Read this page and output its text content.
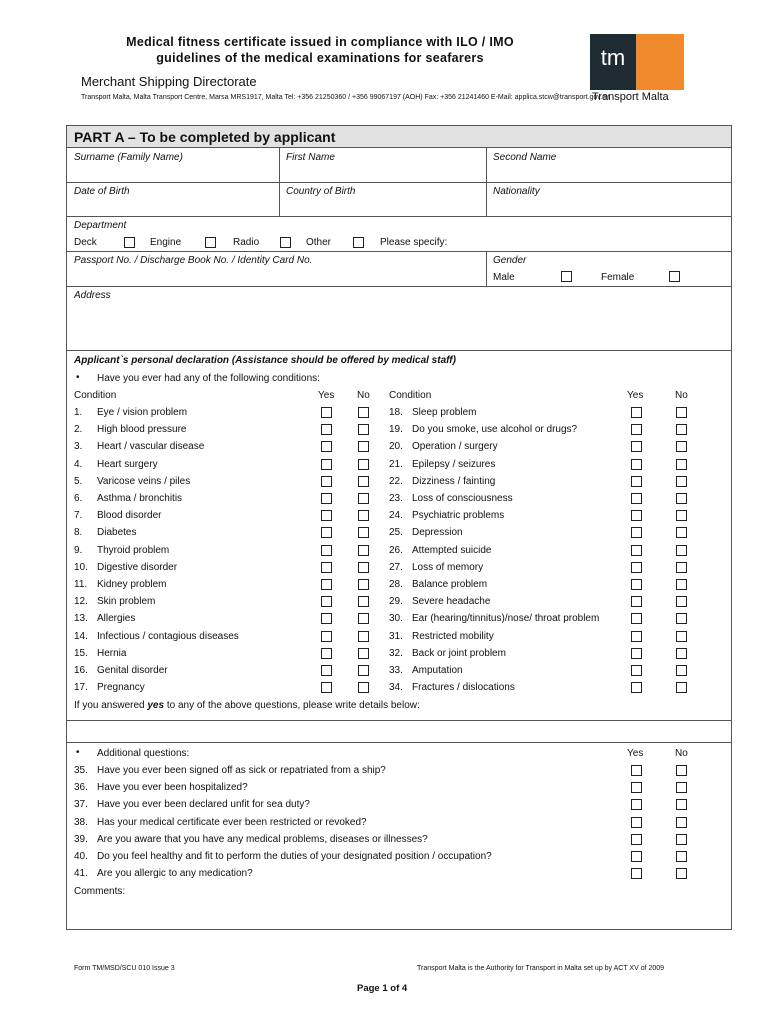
Medical fitness certificate issued in compliance with ILO / IMO
guidelines of the medical examinations for seafarers	tm
Transport Malta
Merchant Shipping Directorate
Transport Malta, Malta Transport Centre, Marsa MRS1917, Malta Tel: +356 21250360 / +356 99067197 (AOH) Fax: +356 21241460 E-Mail: applica.stcw@transport.gov.mt
PART A – To be completed by applicant
Surname (Family Name)	First Name	Second Name
Date of Birth	Country of Birth	Nationality
Department
Deck	Engine	Radio	Other	Please specify:
Passport No. / Discharge Book No. / Identity Card No.	Gender
Male	Female
Address
Applicant`s personal declaration (Assistance should be offered by medical staff)
• Have you ever had any of the following conditions:
Condition	Yes No Condition	Yes	No
1. Eye / vision problem	18. Sleep problem
2. High blood pressure	19. Do you smoke, use alcohol or drugs?
3. Heart / vascular disease	20. Operation / surgery
4. Heart surgery	21. Epilepsy / seizures
5. Varicose veins / piles	22. Dizziness / fainting
6. Asthma / bronchitis	23. Loss of consciousness
7. Blood disorder	24. Psychiatric problems
8. Diabetes	25. Depression
9. Thyroid problem	26. Attempted suicide
10. Digestive disorder	27. Loss of memory
11. Kidney problem	28. Balance problem
12. Skin problem	29. Severe headache
13. Allergies	30. Ear (hearing/tinnitus)/nose/ throat problem
14. Infectious / contagious diseases	31. Restricted mobility
15. Hernia	32. Back or joint problem
16. Genital disorder	33. Amputation
17. Pregnancy	34. Fractures / dislocations
If you answered yes to any of the above questions, please write details below:
• Additional questions:	Yes	No
35. Have you ever been signed off as sick or repatriated from a ship?
36. Have you ever been hospitalized?
37. Have you ever been declared unfit for sea duty?
38. Has your medical certificate ever been restricted or revoked?
39. Are you aware that you have any medical problems, diseases or illnesses?
40. Do you feel healthy and fit to perform the duties of your designated position / occupation?
41. Are you allergic to any medication?
Comments:
Form TM/MSD/SCU 010 Issue 3	Transport Malta is the Authority for Transport in Malta set up by ACT XV of 2009
Page 1 of 4
